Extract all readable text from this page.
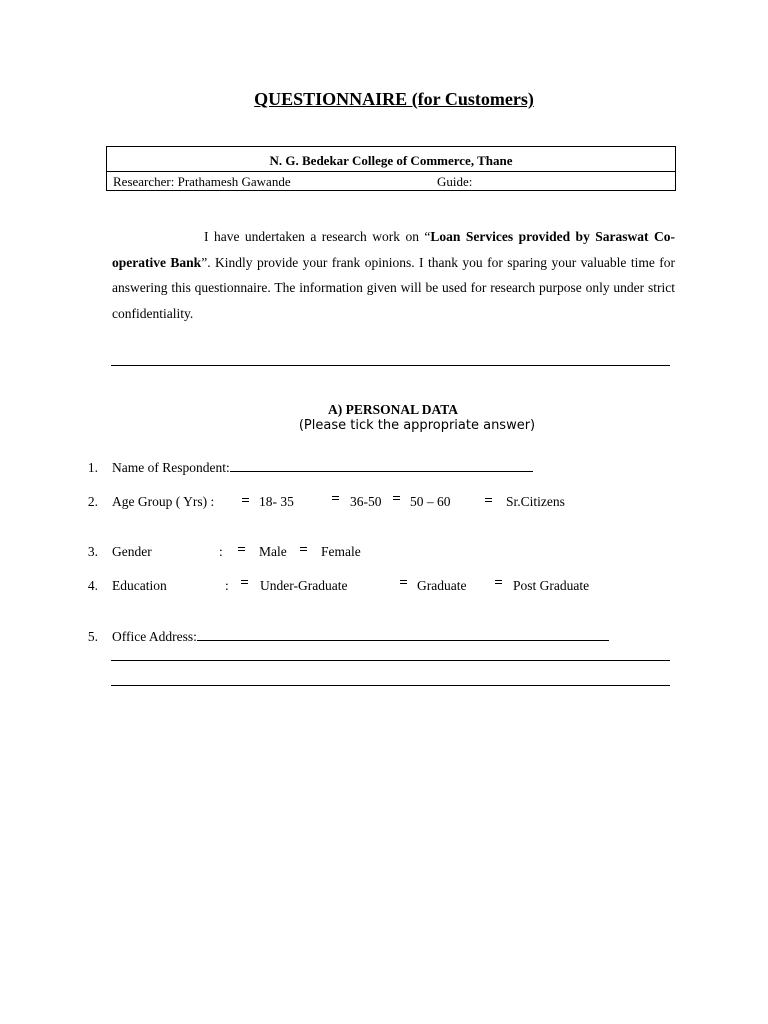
QUESTIONNAIRE (for Customers)
N. G. Bedekar College of Commerce, Thane
Researcher: Prathamesh Gawande	Guide:
I have undertaken a research work on “Loan Services provided by Saraswat Co-operative Bank”. Kindly provide your frank opinions. I thank you for sparing your valuable time for answering this questionnaire. The information given will be used for research purpose only under strict confidentiality.
A) PERSONAL DATA
(Please tick the appropriate answer)
1. Name of Respondent:
2. Age Group ( Yrs) :	18- 35	36-50 50 – 60	Sr.Citizens
3. Gender	:	Male	Female
4. Education	: Under-Graduate	Graduate	Post Graduate
5. Office Address:
